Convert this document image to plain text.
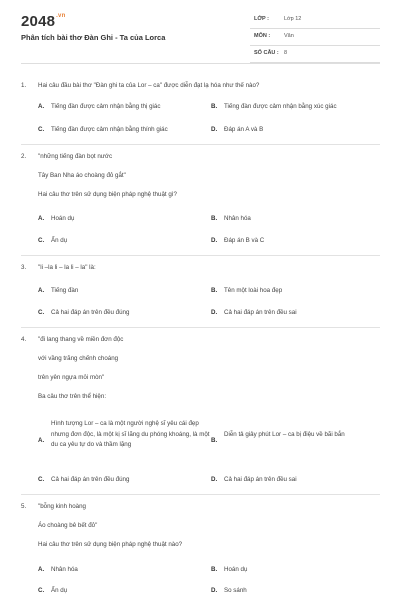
$2048^{.vn}$
Phân tích bài thơ Đàn Ghi - Ta của Lorca
LỚP :	Lớp 12
MÔN :	Văn
SỐ CÂU : 8
1. Hai câu đầu bài thơ "Đàn ghi ta của Lor – ca" được diễn đạt lạ hóa như thế nào?
A. Tiếng đàn được cảm nhận bằng thị giác	B. Tiếng đàn được cảm nhận bằng xúc giác
C. Tiếng đàn được cảm nhận bằng thính giác	D. Đáp án A và B
2. "những tiếng đàn bọt nước
Tây Ban Nha áo choàng đỏ gắt"
Hai câu thơ trên sử dụng biện pháp nghệ thuật gì?
A. Hoán dụ	B. Nhân hóa
C. Ẩn dụ	D. Đáp án B và C
3. "li –la li – la li – la" là:
A. Tiếng đàn	B. Tên một loài hoa đẹp
C. Cả hai đáp án trên đều đúng	D. Cả hai đáp án trên đều sai
4. "đi lang thang về miền đơn độc
với vầng trăng chếnh choáng
trên yên ngựa mỏi mòn"
Ba câu thơ trên thể hiện:
A.
Hình tượng Lor – ca là một người nghệ sĩ yêu cái đẹp nhưng đơn độc, là một kị sĩ lãng du phóng khoáng, là một du ca yêu tự do và thầm lặng
B.
Diễn tả giây phút Lor – ca bị điệu về bãi bắn
C. Cả hai đáp án trên đều đúng	D. Cả hai đáp án trên đều sai
5. "bỗng kinh hoàng
Áo choàng bê bết đỏ"
Hai câu thơ trên sử dụng biện pháp nghệ thuật nào?
A. Nhân hóa	B. Hoán dụ
C. Ẩn dụ	D. So sánh
